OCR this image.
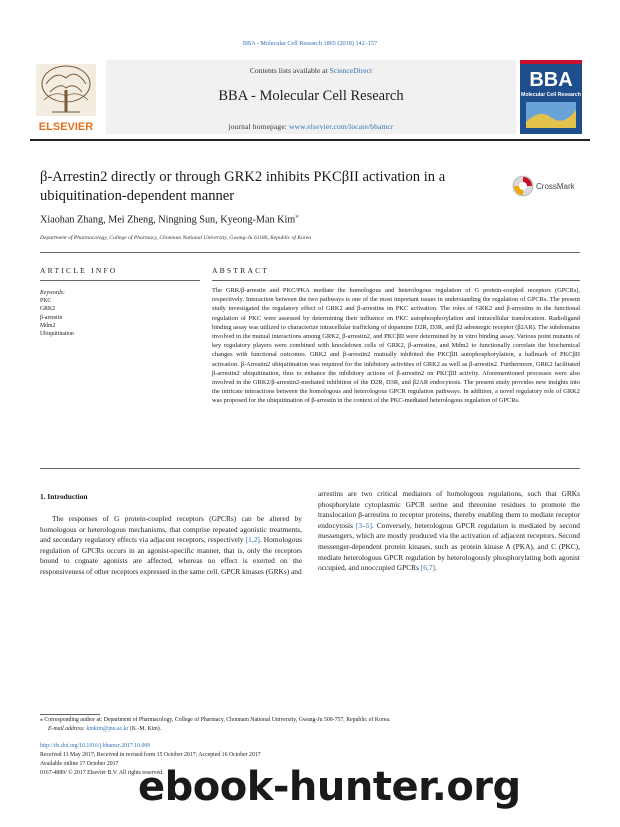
BBA - Molecular Cell Research 1865 (2018) 142–157
ELSEVIER
Contents lists available at ScienceDirect
BBA - Molecular Cell Research
journal homepage: www.elsevier.com/locate/bbamcr
BBA
Molecular Cell Research
β-Arrestin2 directly or through GRK2 inhibits PKCβII activation in a ubiquitination-dependent manner
CrossMark
Xiaohan Zhang, Mei Zheng, Ningning Sun, Kyeong-Man Kim⁎
Department of Pharmacology, College of Pharmacy, Chonnam National University, Gwang-Ju 61186, Republic of Korea
ARTICLE INFO	ABSTRACT
Keywords:
PKC
GRK2
β-arrestin
Mdm2
Ubiquitination
The GRK/β-arrestin and PKC/PKA mediate the homologous and heterologous regulation of G protein-coupled receptors (GPCRs), respectively. Interaction between the two pathways is one of the most important issues in understanding the regulation of GPCRs. The present study investigated the regulatory effect of GRK2 and β-arrestins on PKC activation. The roles of GRK2 and β-arrestins in the functional regulation of PKC were assessed by determining their influence on PKC autophosphorylation and intracellular translocation. Radioligand binding assay was utilized to characterize intracellular trafficking of dopamine D2R, D3R, and β2 adrenergic receptor (β2AR). The subdomains involved in the mutual interactions among GRK2, β-arrestin2, and PKCβII were determined by in vitro binding assay. Various point mutants of key regulatory players were combined with knockdown cells of GRK2, β-arrestins, and Mdm2 to functionally correlate the biochemical changes with functional outcomes. GRK2 and β-arrestin2 mutually inhibited the PKCβII autophosphorylation, a hallmark of PKCβII activation. β-Arrestin2 ubiquitination was required for the inhibitory activities of GRK2 as well as β-arrestin2. Furthermore, GRK2 facilitated β-arrestin2 ubiquitination, thus to enhance the inhibitory actions of β-arrestin2 on PKCβII activity. Aforementioned processes were also involved in the GRK2/β-arrestin2-mediated inhibition of the D2R, D3R, and β2AR endocytosis. The present study provides new insights into the intricate interactions between the homologous and heterologous GPCR regulation pathways. In addition, a novel regulatory role of GRK2 was proposed for the ubiquitination of β-arrestin in the context of the PKC-mediated heterologous regulation of GPCRs.
1. Introduction
The responses of G protein-coupled receptors (GPCRs) can be altered by homologous or heterologous mechanisms, that comprise repeated agonistic treatments, and secondary regulatory effects via adjacent receptors, respectively [1,2]. Homologous regulation of GPCRs occurs in an agonist-specific manner, that is, only the receptors bound to cognate agonists are affected, whereas no effect is exerted on the responsiveness of other receptors expressed in the same cell. GPCR kinases (GRKs) and
arrestins are two critical mediators of homologous regulations, such that GRKs phosphorylate cytoplasmic GPCR serine and threonine residues to promote the translocation β-arrestins to receptor proteins, thereby enabling them to mediate receptor endocytosis [3–5]. Conversely, heterologous GPCR regulation is mediated by second messengers, which are mostly produced via the activation of adjacent receptors. Second messenger-dependent protein kinases, such as protein kinase A (PKA), and C (PKC), mediate heterologous GPCR regulation by heterologously phosphorylating both agonist occupied, and unoccupied GPCRs [6,7].
⁎ Corresponding author at: Department of Pharmacology, College of Pharmacy, Chonnam National University, Gwang-Ju 500-757, Republic of Korea.
E-mail address: kmkim@jnu.ac.kr (K.-M. Kim).
http://dx.doi.org/10.1016/j.bbamcr.2017.10.009
Received 11 May 2017; Received in revised form 15 October 2017; Accepted 16 October 2017
Available online 17 October 2017
0167-4889/ © 2017 Elsevier B.V. All rights reserved.
ebook-hunter.org
